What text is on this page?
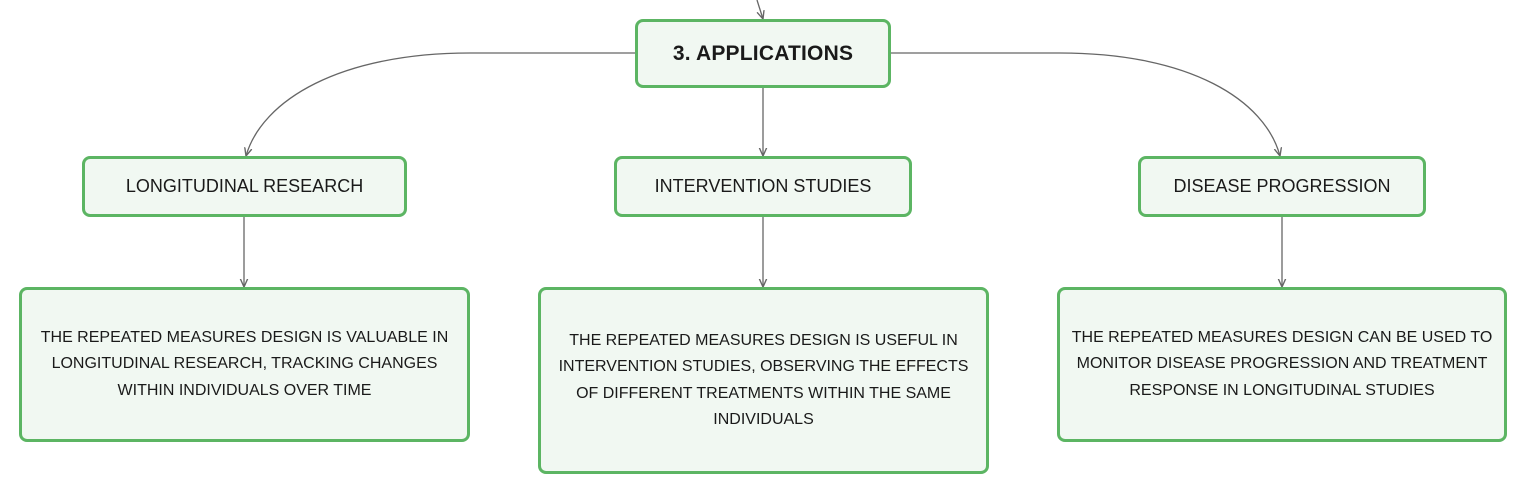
3. APPLICATIONS
LONGITUDINAL RESEARCH	INTERVENTION STUDIES	DISEASE PROGRESSION
THE REPEATED MEASURES DESIGN IS VALUABLE IN LONGITUDINAL RESEARCH, TRACKING CHANGES WITHIN INDIVIDUALS OVER TIME
THE REPEATED MEASURES DESIGN IS USEFUL IN INTERVENTION STUDIES, OBSERVING THE EFFECTS OF DIFFERENT TREATMENTS WITHIN THE SAME INDIVIDUALS
THE REPEATED MEASURES DESIGN CAN BE USED TO MONITOR DISEASE PROGRESSION AND TREATMENT RESPONSE IN LONGITUDINAL STUDIES
